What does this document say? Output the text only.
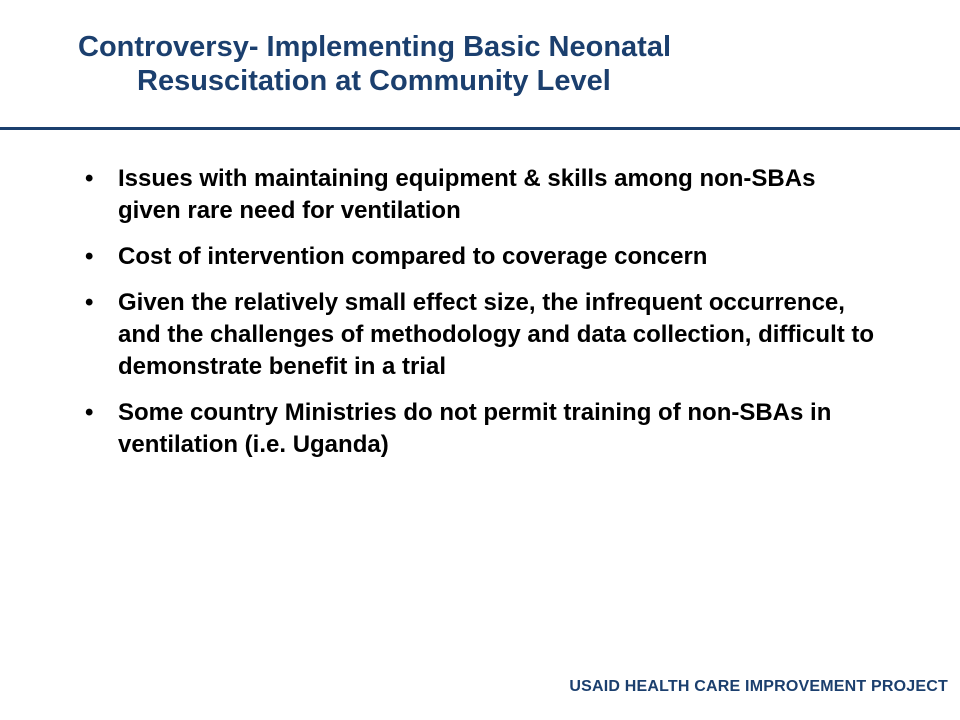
Controversy- Implementing Basic Neonatal
Resuscitation at Community Level
• Issues with maintaining equipment & skills among non-SBAs given rare need for ventilation
• Cost of intervention compared to coverage concern
• Given the relatively small effect size, the infrequent occurrence, and the challenges of methodology and data collection, difficult to demonstrate benefit in a trial
• Some country Ministries do not permit training of non-SBAs in ventilation (i.e. Uganda)
USAID HEALTH CARE IMPROVEMENT PROJECT
